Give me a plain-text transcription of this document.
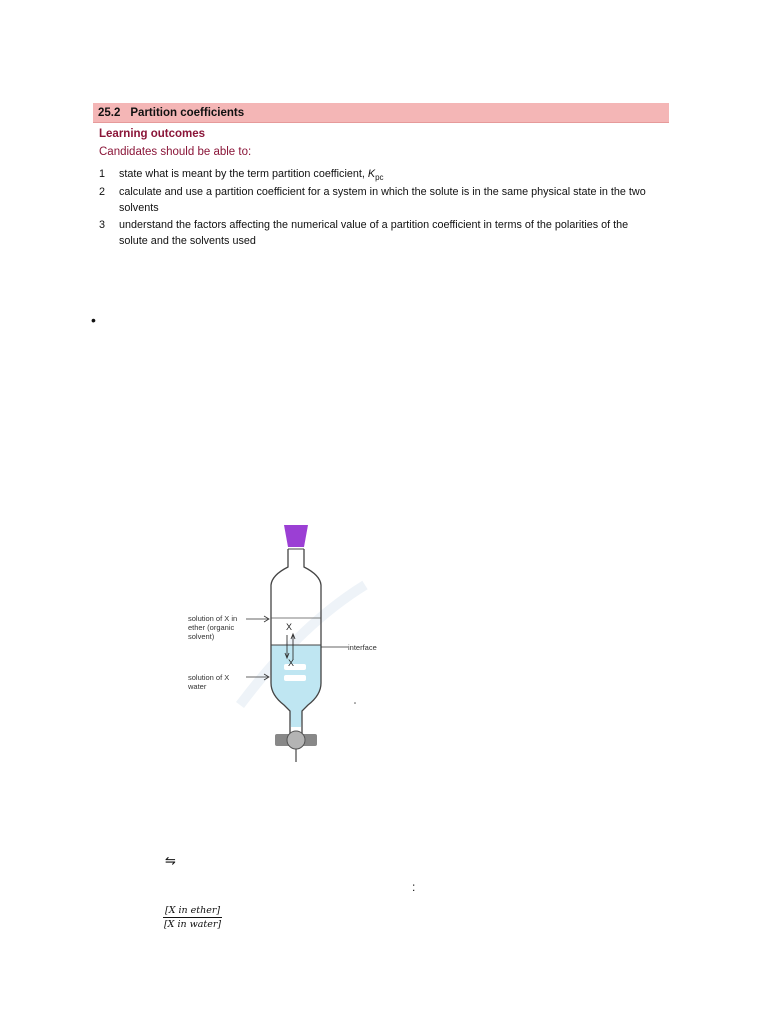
25.2 Partition coefficients
Learning outcomes
Candidates should be able to:
1 state what is meant by the term partition coefficient, $K_{pc}$
2 calculate and use a partition coefficient for a system in which the solute is in the same physical state in the two solvents
3 understand the factors affecting the numerical value of a partition coefficient in terms of the polarities of the solute and the solvents used
•
X
X
solution of X in ether (organic solvent)
solution of X water
interface
⇋
:
[X in ether]
[X in water]
